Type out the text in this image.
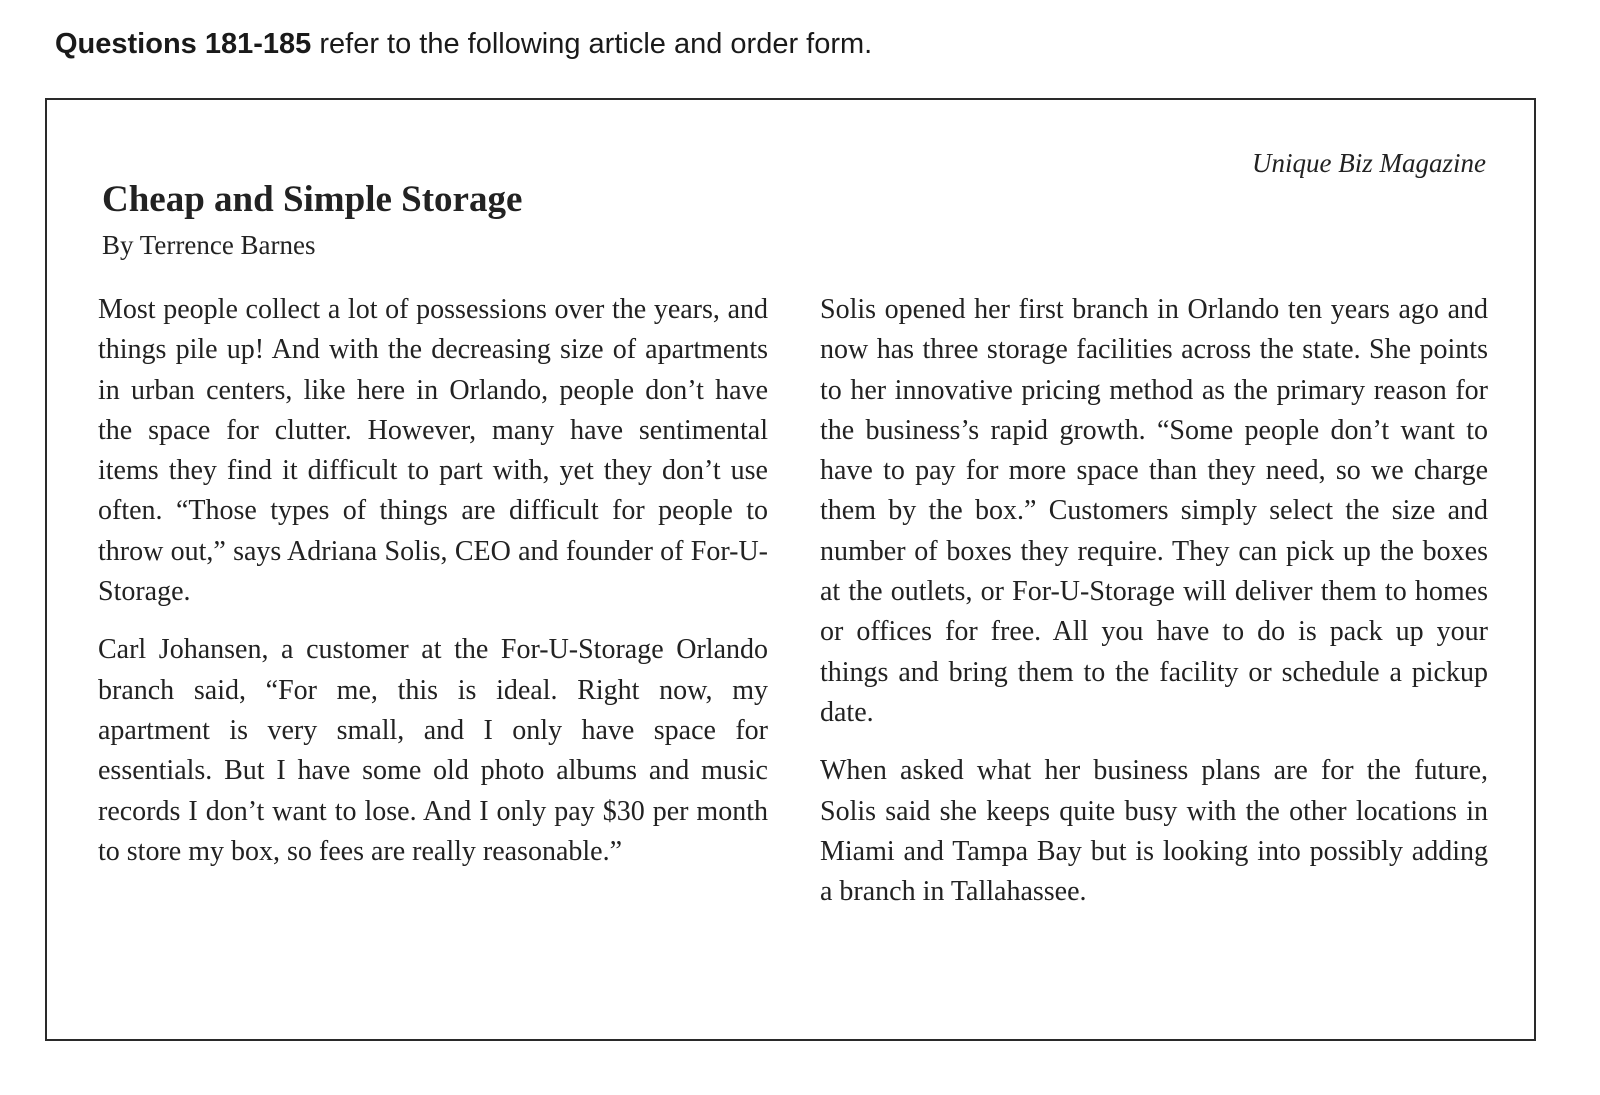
Questions 181-185 refer to the following article and order form.
Unique Biz Magazine
Cheap and Simple Storage
By Terrence Barnes

Most people collect a lot of possessions over the years, and things pile up! And with the decreasing size of apartments in urban centers, like here in Orlando, people don’t have the space for clutter. However, many have sentimental items they find it difficult to part with, yet they don’t use often. “Those types of things are difficult for people to throw out,” says Adriana Solis, CEO and founder of For-U-Storage.

Carl Johansen, a customer at the For-U-Storage Orlando branch said, “For me, this is ideal. Right now, my apartment is very small, and I only have space for essentials. But I have some old photo albums and music records I don’t want to lose. And I only pay $30 per month to store my box, so fees are really reasonable.”

Solis opened her first branch in Orlando ten years ago and now has three storage facilities across the state. She points to her innovative pricing method as the primary reason for the business’s rapid growth. “Some people don’t want to have to pay for more space than they need, so we charge them by the box.” Customers simply select the size and number of boxes they require. They can pick up the boxes at the outlets, or For-U-Storage will deliver them to homes or offices for free. All you have to do is pack up your things and bring them to the facility or schedule a pickup date.

When asked what her business plans are for the future, Solis said she keeps quite busy with the other locations in Miami and Tampa Bay but is looking into possibly adding a branch in Tallahassee.
